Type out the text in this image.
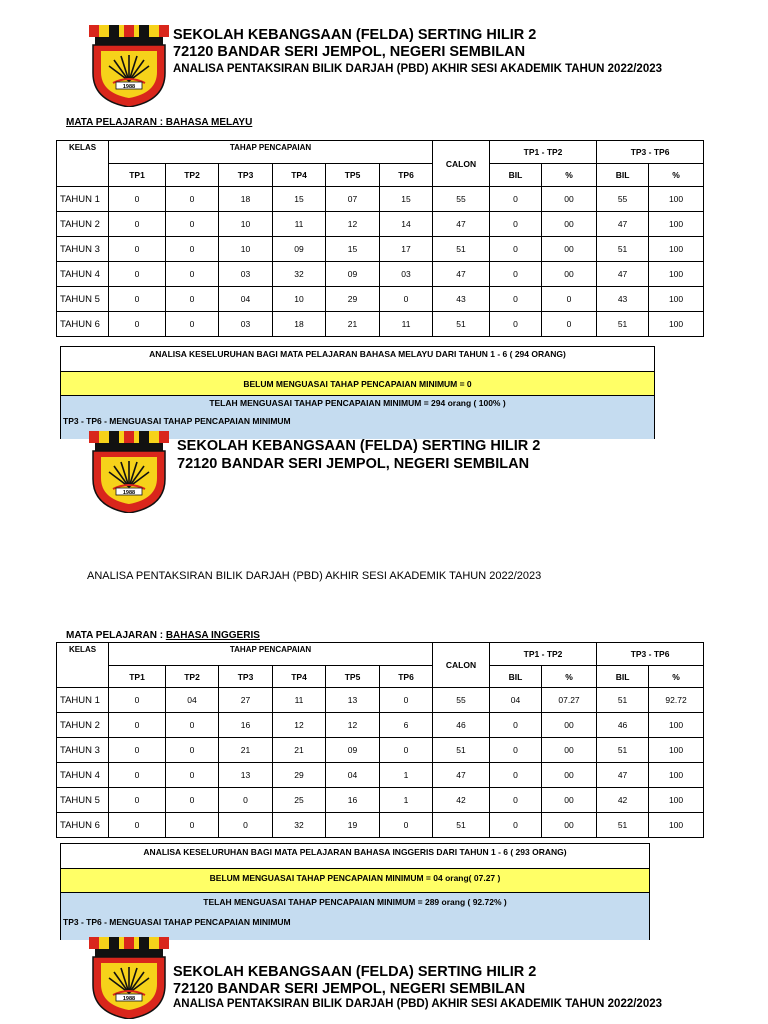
1988
SEKOLAH KEBANGSAAN (FELDA) SERTING HILIR 2
72120 BANDAR SERI JEMPOL, NEGERI SEMBILAN
ANALISA PENTAKSIRAN BILIK DARJAH (PBD) AKHIR SESI AKADEMIK TAHUN 2022/2023
MATA PELAJARAN : BAHASA MELAYU
KELAS	TAHAP PENCAPAIAN						CALON	TP1 - TP2		TP3 - TP6	
	TP1	TP2	TP3	TP4	TP5	TP6		BIL	%	BIL	%
TAHUN 1	0	0	18	15	07	15	55	0	00	55	100
TAHUN 2	0	0	10	11	12	14	47	0	00	47	100
TAHUN 3	0	0	10	09	15	17	51	0	00	51	100
TAHUN 4	0	0	03	32	09	03	47	0	00	47	100
TAHUN 5	0	0	04	10	29	0	43	0	0	43	100
TAHUN 6	0	0	03	18	21	11	51	0	0	51	100
ANALISA KESELURUHAN BAGI MATA PELAJARAN BAHASA MELAYU DARI TAHUN 1 - 6 ( 294 ORANG)
BELUM MENGUASAI TAHAP PENCAPAIAN MINIMUM = 0
TELAH MENGUASAI TAHAP PENCAPAIAN MINIMUM = 294 orang ( 100% )
TP3 - TP6 - MENGUASAI TAHAP PENCAPAIAN MINIMUM
1988
SEKOLAH KEBANGSAAN (FELDA) SERTING HILIR 2
72120 BANDAR SERI JEMPOL, NEGERI SEMBILAN
ANALISA PENTAKSIRAN BILIK DARJAH (PBD) AKHIR SESI AKADEMIK TAHUN 2022/2023
MATA PELAJARAN : BAHASA INGGERIS
KELAS	TAHAP PENCAPAIAN						CALON	TP1 - TP2		TP3 - TP6	
	TP1	TP2	TP3	TP4	TP5	TP6		BIL	%	BIL	%
TAHUN 1	0	04	27	11	13	0	55	04	07.27	51	92.72
TAHUN 2	0	0	16	12	12	6	46	0	00	46	100
TAHUN 3	0	0	21	21	09	0	51	0	00	51	100
TAHUN 4	0	0	13	29	04	1	47	0	00	47	100
TAHUN 5	0	0	0	25	16	1	42	0	00	42	100
TAHUN 6	0	0	0	32	19	0	51	0	00	51	100
ANALISA KESELURUHAN BAGI MATA PELAJARAN BAHASA INGGERIS DARI TAHUN 1 - 6 ( 293 ORANG)
BELUM MENGUASAI TAHAP PENCAPAIAN MINIMUM = 04 orang( 07.27 )
TELAH MENGUASAI TAHAP PENCAPAIAN MINIMUM = 289 orang ( 92.72% )
TP3 - TP6 - MENGUASAI TAHAP PENCAPAIAN MINIMUM
1988
SEKOLAH KEBANGSAAN (FELDA) SERTING HILIR 2
72120 BANDAR SERI JEMPOL, NEGERI SEMBILAN
ANALISA PENTAKSIRAN BILIK DARJAH (PBD) AKHIR SESI AKADEMIK TAHUN 2022/2023
